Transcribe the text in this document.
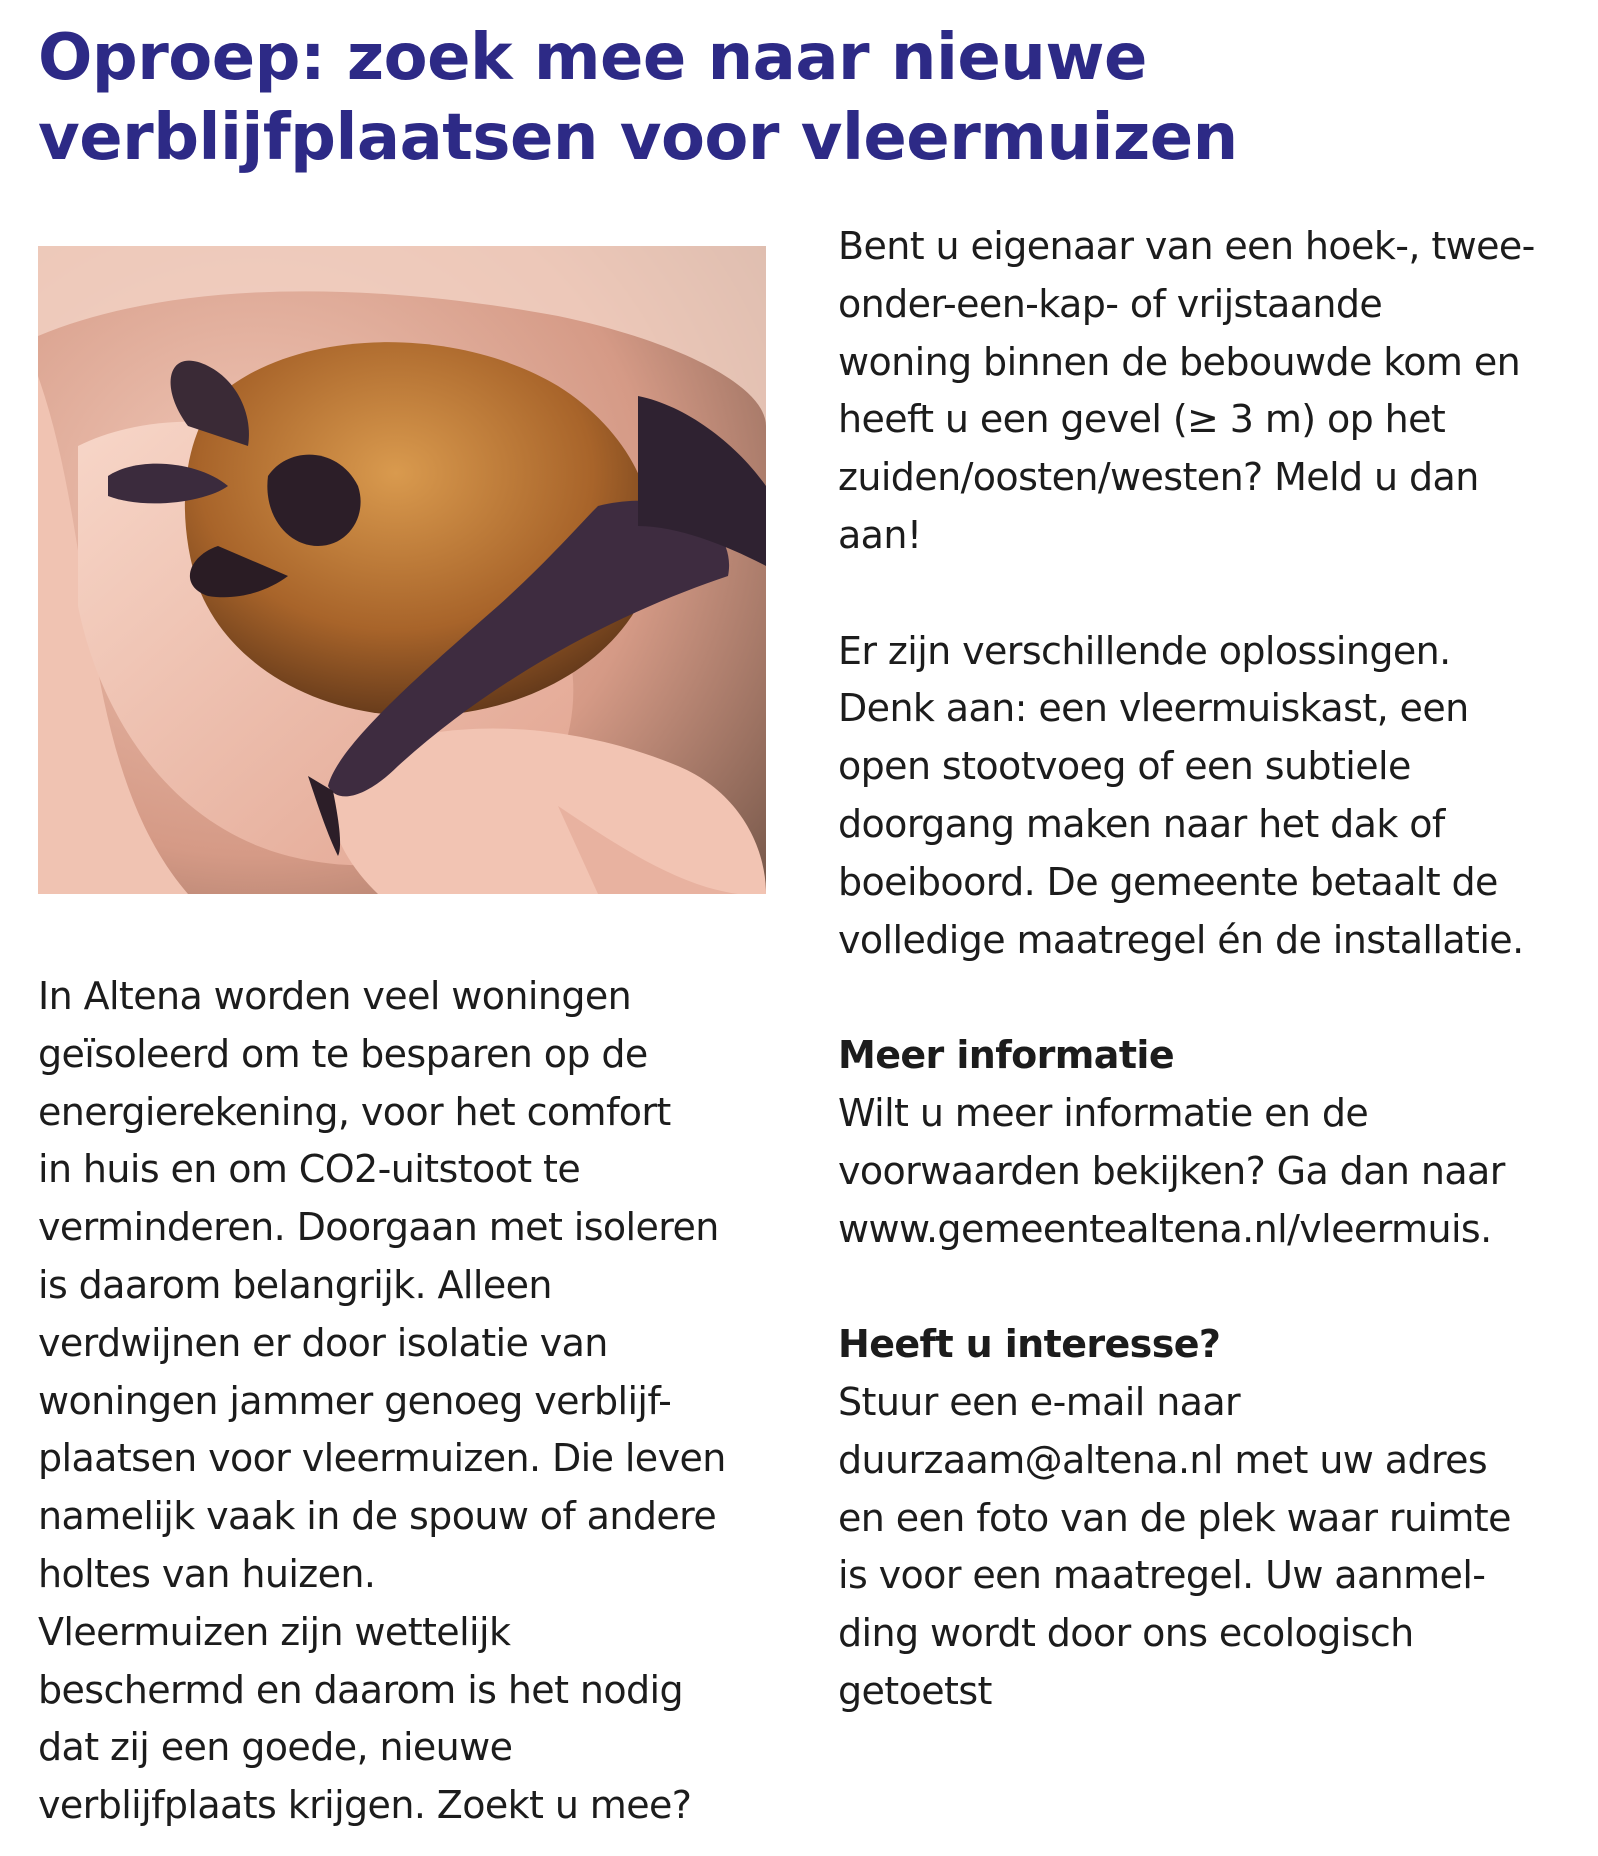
Oproep: zoek mee naar nieuwe
verblijfplaatsen voor vleermuizen
In Altena worden veel woningen
geïsoleerd om te besparen op de
energierekening, voor het comfort
in huis en om CO2-uitstoot te
verminderen. Doorgaan met isoleren
is daarom belangrijk. Alleen
verdwijnen er door isolatie van
woningen jammer genoeg verblijf-
plaatsen voor vleermuizen. Die leven
namelijk vaak in de spouw of andere
holtes van huizen.
Vleermuizen zijn wettelijk
beschermd en daarom is het nodig
dat zij een goede, nieuwe
verblijfplaats krijgen. Zoekt u mee?
Bent u eigenaar van een hoek-, twee-
onder-een-kap- of vrijstaande
woning binnen de bebouwde kom en
heeft u een gevel (≥ 3 m) op het
zuiden/oosten/westen? Meld u dan
aan!
Er zijn verschillende oplossingen.
Denk aan: een vleermuiskast, een
open stootvoeg of een subtiele
doorgang maken naar het dak of
boeiboord. De gemeente betaalt de
volledige maatregel én de installatie.
Meer informatie
Wilt u meer informatie en de
voorwaarden bekijken? Ga dan naar
www.gemeentealtena.nl/vleermuis.
Heeft u interesse?
Stuur een e-mail naar
duurzaam@altena.nl met uw adres
en een foto van de plek waar ruimte
is voor een maatregel. Uw aanmel-
ding wordt door ons ecologisch
getoetst
